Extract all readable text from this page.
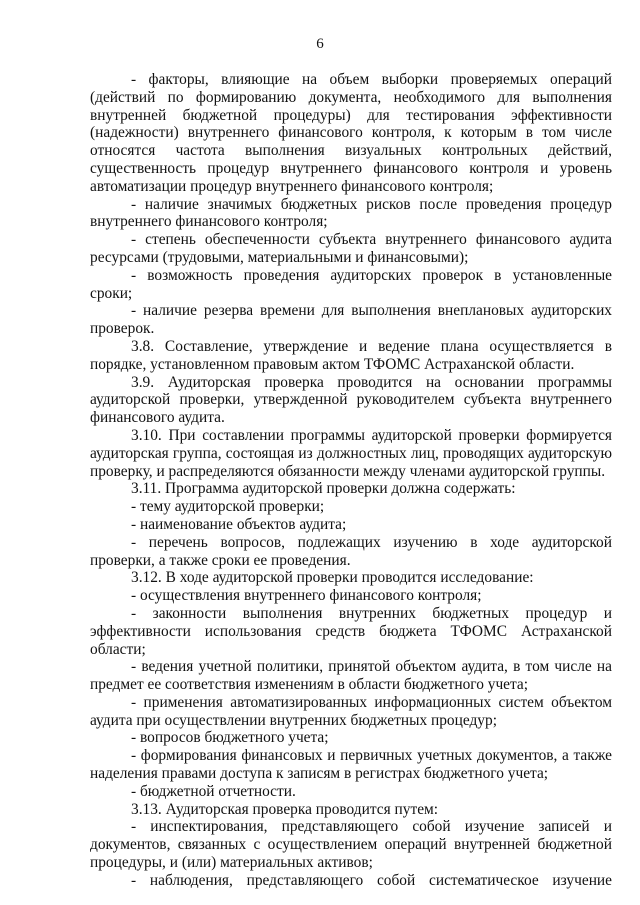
6

- факторы, влияющие на объем выборки проверяемых операций (действий по формированию документа, необходимого для выполнения внутренней бюджетной процедуры) для тестирования эффективности (надежности) внутреннего финансового контроля, к которым в том числе относятся частота выполнения визуальных контрольных действий, существенность процедур внутреннего финансового контроля и уровень автоматизации процедур внутреннего финансового контроля;

- наличие значимых бюджетных рисков после проведения процедур внутреннего финансового контроля;

- степень обеспеченности субъекта внутреннего финансового аудита ресурсами (трудовыми, материальными и финансовыми);

- возможность проведения аудиторских проверок в установленные сроки;

- наличие резерва времени для выполнения внеплановых аудиторских проверок.

3.8. Составление, утверждение и ведение плана осуществляется в порядке, установленном правовым актом ТФОМС Астраханской области.

3.9. Аудиторская проверка проводится на основании программы аудиторской проверки, утвержденной руководителем субъекта внутреннего финансового аудита.

3.10. При составлении программы аудиторской проверки формируется аудиторская группа, состоящая из должностных лиц, проводящих аудиторскую проверку, и распределяются обязанности между членами аудиторской группы.

3.11. Программа аудиторской проверки должна содержать:

- тему аудиторской проверки;

- наименование объектов аудита;

- перечень вопросов, подлежащих изучению в ходе аудиторской проверки, а также сроки ее проведения.

3.12. В ходе аудиторской проверки проводится исследование:

- осуществления внутреннего финансового контроля;

- законности выполнения внутренних бюджетных процедур и эффективности использования средств бюджета ТФОМС Астраханской области;

- ведения учетной политики, принятой объектом аудита, в том числе на предмет ее соответствия изменениям в области бюджетного учета;

- применения автоматизированных информационных систем объектом аудита при осуществлении внутренних бюджетных процедур;

- вопросов бюджетного учета;

- формирования финансовых и первичных учетных документов, а также наделения правами доступа к записям в регистрах бюджетного учета;

- бюджетной отчетности.

3.13. Аудиторская проверка проводится путем:

- инспектирования, представляющего собой изучение записей и документов, связанных с осуществлением операций внутренней бюджетной процедуры, и (или) материальных активов;

- наблюдения, представляющего собой систематическое изучение
